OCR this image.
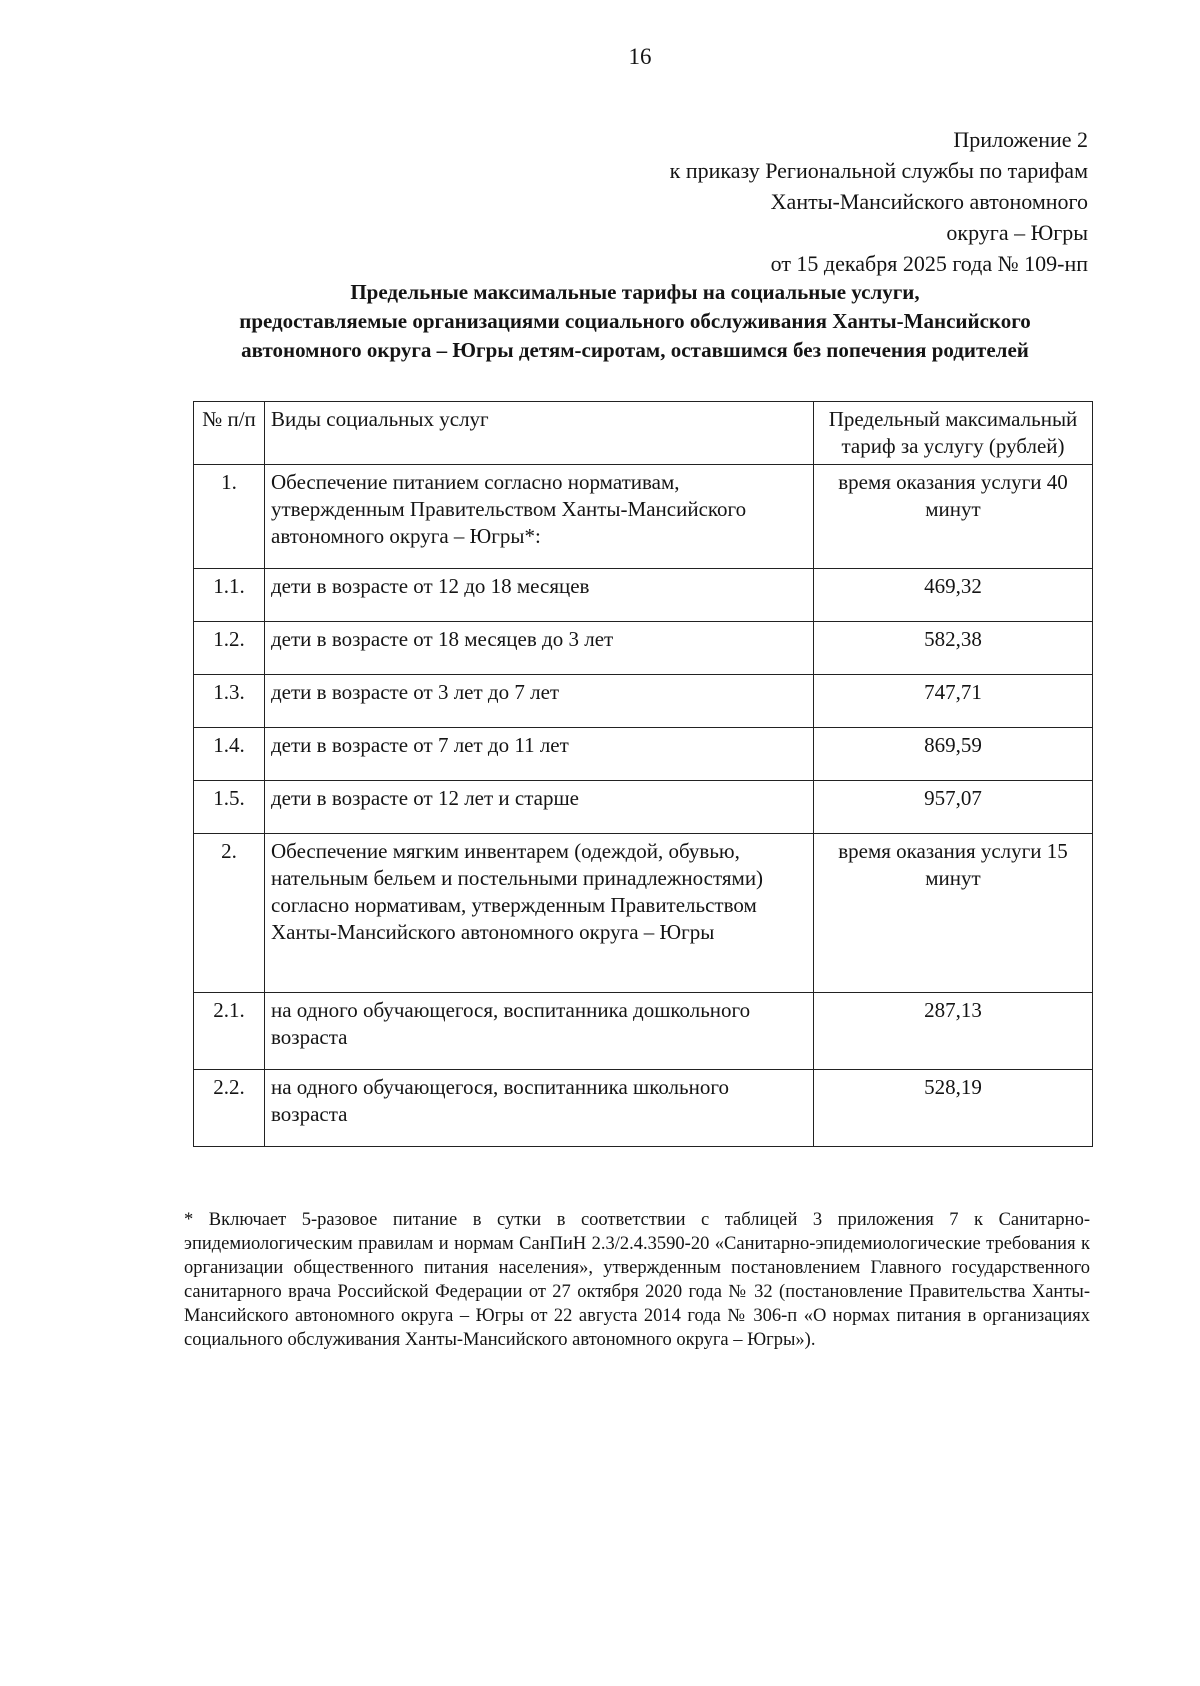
16
Приложение 2
к приказу Региональной службы по тарифам
Ханты-Мансийского автономного
округа – Югры
от 15 декабря 2025 года № 109-нп
Предельные максимальные тарифы на социальные услуги,
предоставляемые организациями социального обслуживания Ханты-Мансийского
автономного округа – Югры детям-сиротам, оставшимся без попечения родителей
№ п/п	Виды социальных услуг	Предельный максимальный тариф за услугу (рублей)
1.	Обеспечение питанием согласно нормативам, утвержденным Правительством Ханты-Мансийского автономного округа – Югры*:	время оказания услуги 40 минут
1.1.	дети в возрасте от 12 до 18 месяцев	469,32
1.2.	дети в возрасте от 18 месяцев до 3 лет	582,38
1.3.	дети в возрасте от 3 лет до 7 лет	747,71
1.4.	дети в возрасте от 7 лет до 11 лет	869,59
1.5.	дети в возрасте от 12 лет и старше	957,07
2.	Обеспечение мягким инвентарем (одеждой, обувью, нательным бельем и постельными принадлежностями) согласно нормативам, утвержденным Правительством Ханты-Мансийского автономного округа – Югры	время оказания услуги 15 минут
2.1.	на одного обучающегося, воспитанника дошкольного возраста	287,13
2.2.	на одного обучающегося, воспитанника школьного возраста	528,19
* Включает 5-разовое питание в сутки в соответствии с таблицей 3 приложения 7 к Санитарно-эпидемиологическим правилам и нормам СанПиН 2.3/2.4.3590-20 «Санитарно-эпидемиологические требования к организации общественного питания населения», утвержденным постановлением Главного государственного санитарного врача Российской Федерации от 27 октября 2020 года № 32 (постановление Правительства Ханты-Мансийского автономного округа – Югры от 22 августа 2014 года № 306-п «О нормах питания в организациях социального обслуживания Ханты-Мансийского автономного округа – Югры»).
